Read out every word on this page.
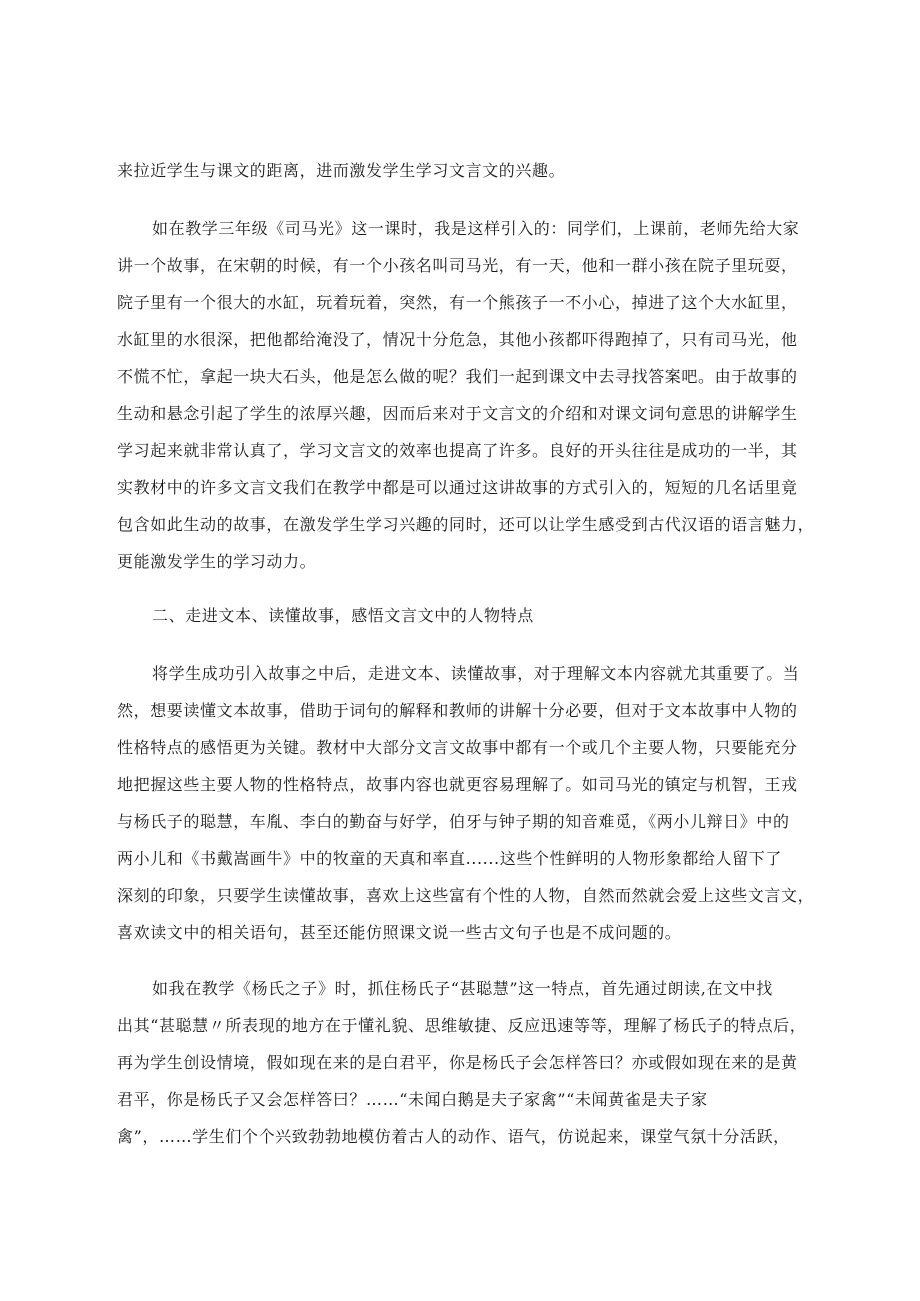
来拉近学生与课文的距离，进而激发学生学习文言文的兴趣。
如在教学三年级《司马光》这一课时，我是这样引入的：同学们，上课前，老师先给大家
讲一个故事，在宋朝的时候，有一个小孩名叫司马光，有一天，他和一群小孩在院子里玩耍，
院子里有一个很大的水缸，玩着玩着，突然，有一个熊孩子一不小心，掉进了这个大水缸里，
水缸里的水很深，把他都给淹没了，情况十分危急，其他小孩都吓得跑掉了，只有司马光，他
不慌不忙，拿起一块大石头，他是怎么做的呢？我们一起到课文中去寻找答案吧。由于故事的
生动和悬念引起了学生的浓厚兴趣，因而后来对于文言文的介绍和对课文词句意思的讲解学生
学习起来就非常认真了，学习文言文的效率也提高了许多。良好的开头往往是成功的一半，其
实教材中的许多文言文我们在教学中都是可以通过这讲故事的方式引入的，短短的几名话里竟
包含如此生动的故事，在激发学生学习兴趣的同时，还可以让学生感受到古代汉语的语言魅力，
更能激发学生的学习动力。
二、走进文本、读懂故事，感悟文言文中的人物特点
将学生成功引入故事之中后，走进文本、读懂故事，对于理解文本内容就尤其重要了。当
然，想要读懂文本故事，借助于词句的解释和教师的讲解十分必要，但对于文本故事中人物的
性格特点的感悟更为关键。教材中大部分文言文故事中都有一个或几个主要人物，只要能充分
地把握这些主要人物的性格特点，故事内容也就更容易理解了。如司马光的镇定与机智，王戎
与杨氏子的聪慧，车胤、李白的勤奋与好学，伯牙与钟子期的知音难觅，《两小儿辩日》中的
两小儿和《书戴嵩画牛》中的牧童的天真和率直......这些个性鲜明的人物形象都给人留下了
深刻的印象，只要学生读懂故事，喜欢上这些富有个性的人物，自然而然就会爱上这些文言文，
喜欢读文中的相关语句，甚至还能仿照课文说一些古文句子也是不成问题的。
如我在教学《杨氏之子》时，抓住杨氏子“甚聪慧”这一特点，首先通过朗读,在文中找
出其“甚聪慧〃所表现的地方在于懂礼貌、思维敏捷、反应迅速等等，理解了杨氏子的特点后，
再为学生创设情境，假如现在来的是白君平，你是杨氏子会怎样答曰？亦或假如现在来的是黄
君平，你是杨氏子又会怎样答曰？……“未闻白鹅是夫子家禽”“未闻黄雀是夫子家
禽”，……学生们个个兴致勃勃地模仿着古人的动作、语气，仿说起来，课堂气氛十分活跃，
